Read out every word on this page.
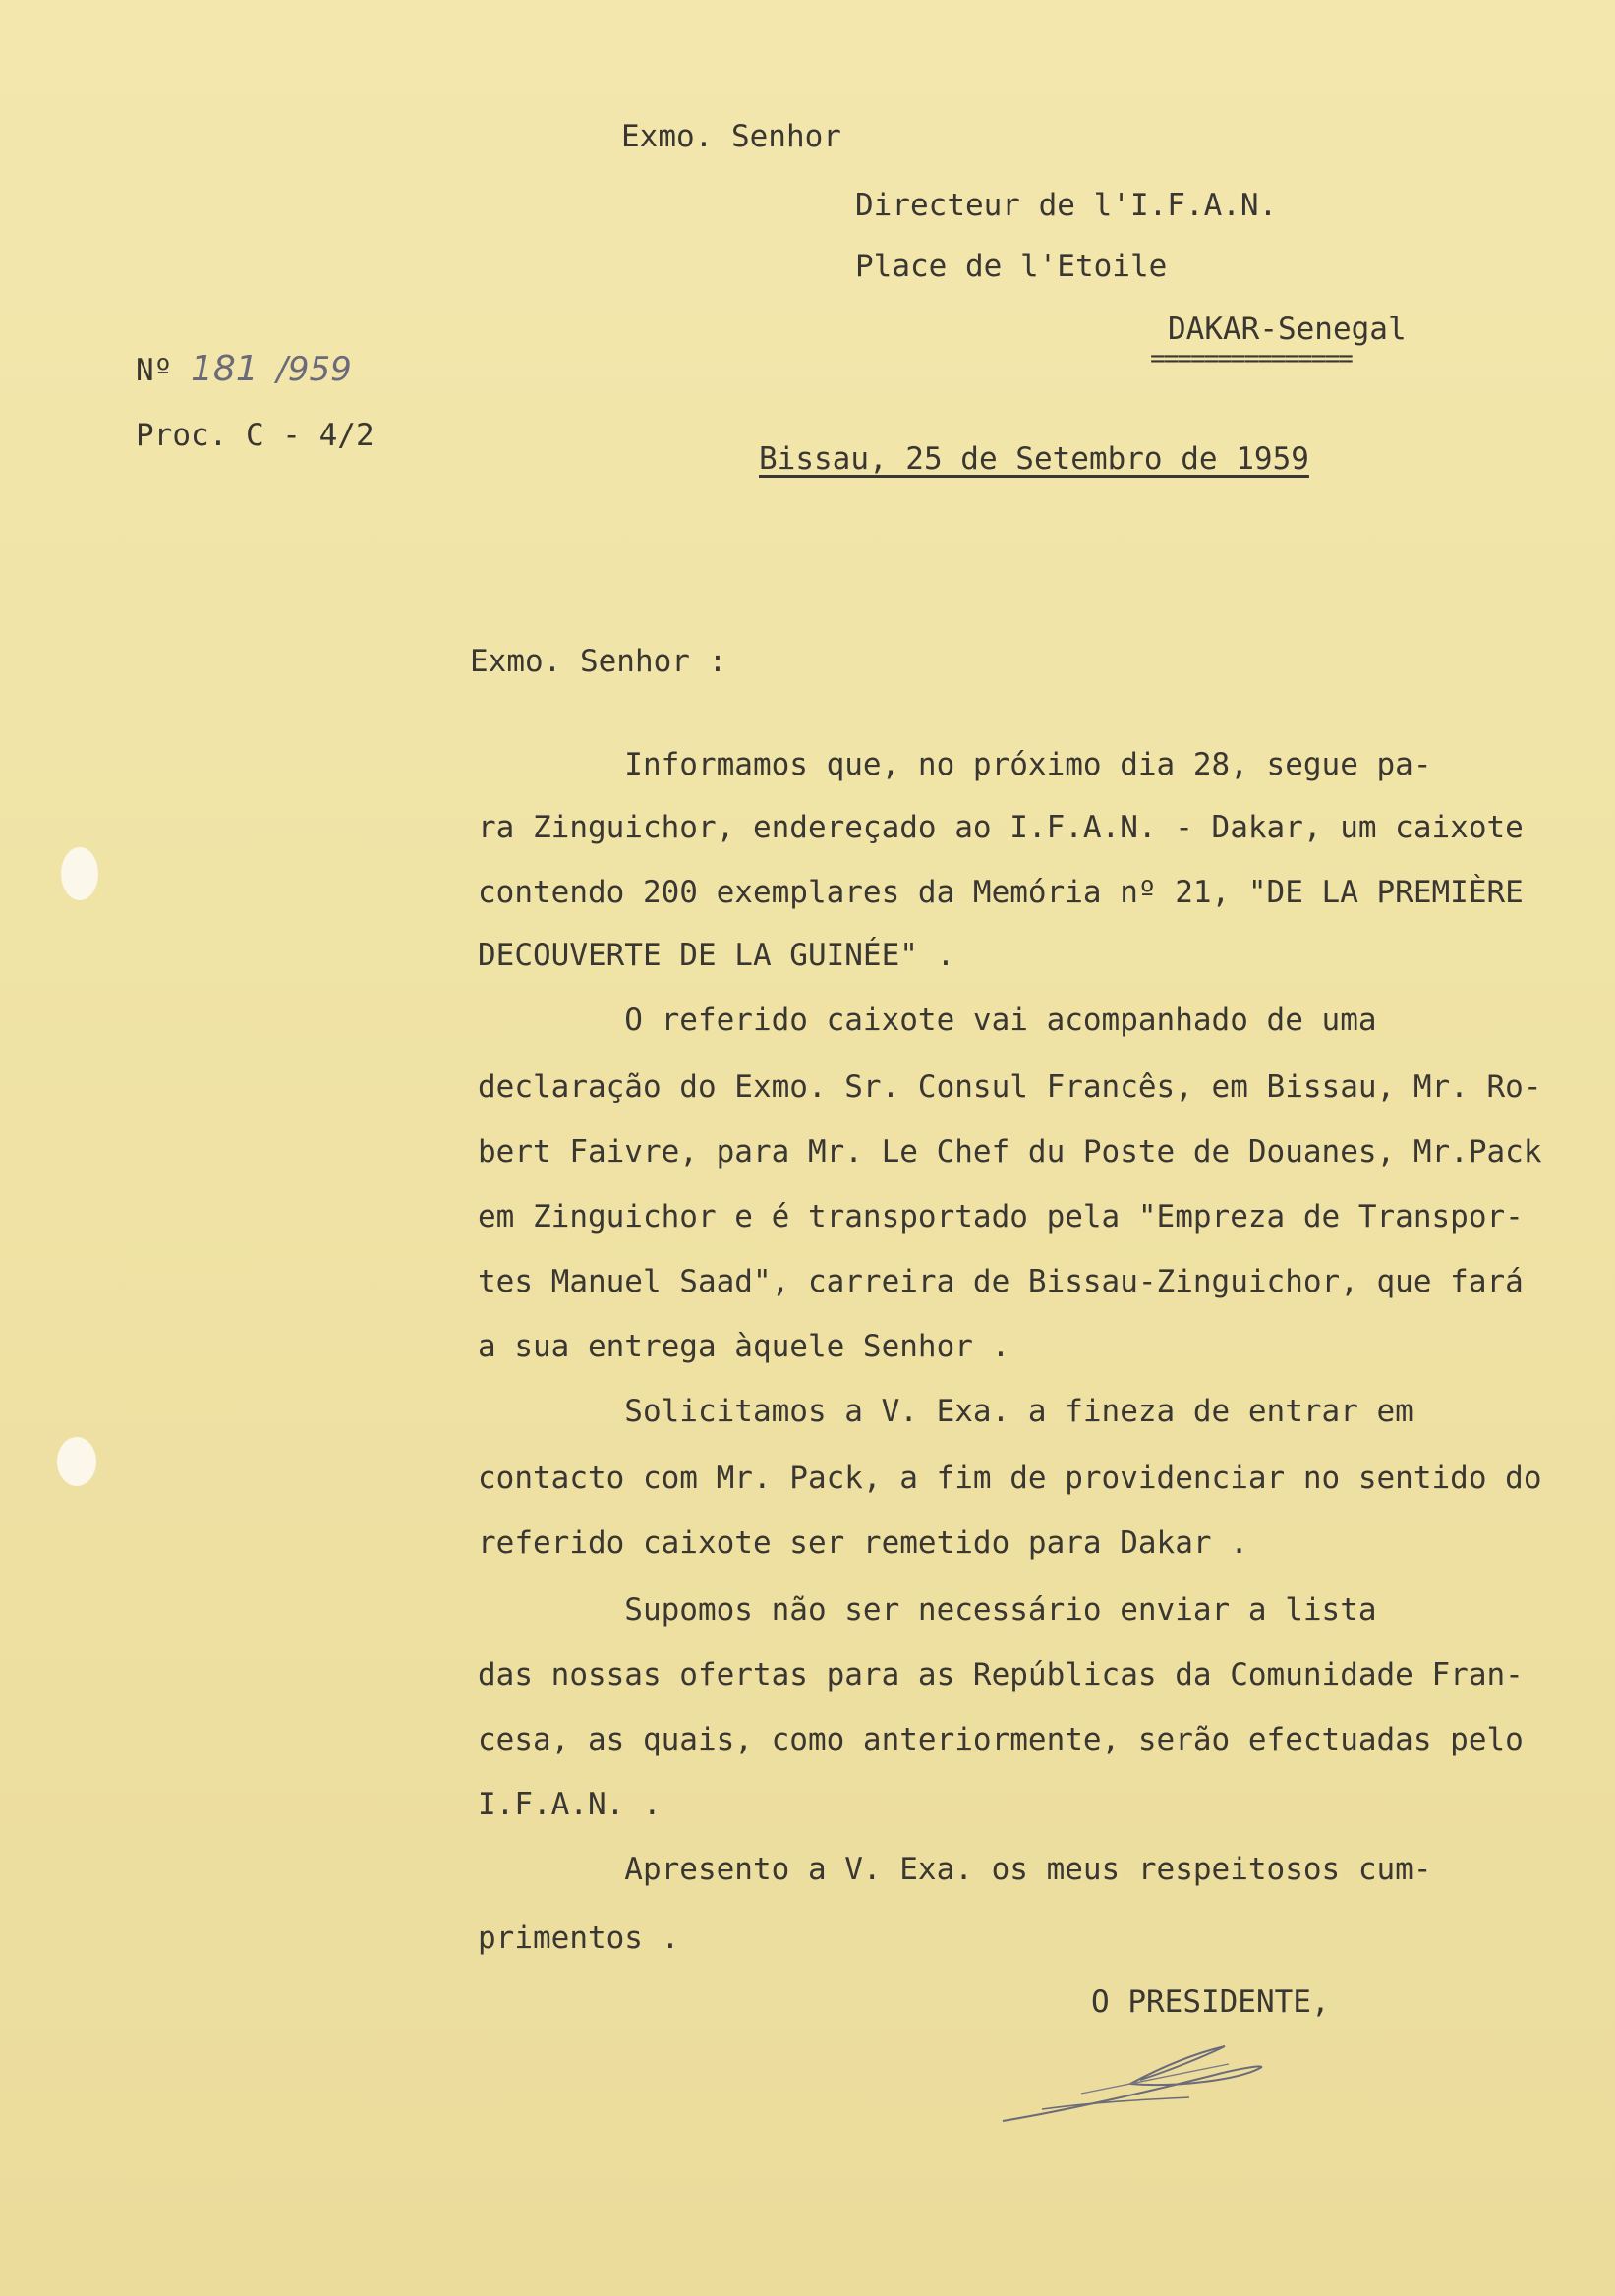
Exmo. Senhor
Directeur de l'I.F.A.N.
Place de l'Etoile
DAKAR-Senegal
===============
Nº 181 /959
Proc. C - 4/2
Bissau, 25 de Setembro de 1959
Exmo. Senhor :
Informamos que, no próximo dia 28, segue pa-
ra Zinguichor, endereçado ao I.F.A.N. - Dakar, um caixote
contendo 200 exemplares da Memória nº 21, "DE LA PREMIÈRE
DECOUVERTE DE LA GUINÉE" .
O referido caixote vai acompanhado de uma
declaração do Exmo. Sr. Consul Francês, em Bissau, Mr. Ro-
bert Faivre, para Mr. Le Chef du Poste de Douanes, Mr.Pack
em Zinguichor e é transportado pela "Empreza de Transpor-
tes Manuel Saad", carreira de Bissau-Zinguichor, que fará
a sua entrega àquele Senhor .
Solicitamos a V. Exa. a fineza de entrar em
contacto com Mr. Pack, a fim de providenciar no sentido do
referido caixote ser remetido para Dakar .
Supomos não ser necessário enviar a lista
das nossas ofertas para as Repúblicas da Comunidade Fran-
cesa, as quais, como anteriormente, serão efectuadas pelo
I.F.A.N. .
Apresento a V. Exa. os meus respeitosos cum-
primentos .
O PRESIDENTE,
